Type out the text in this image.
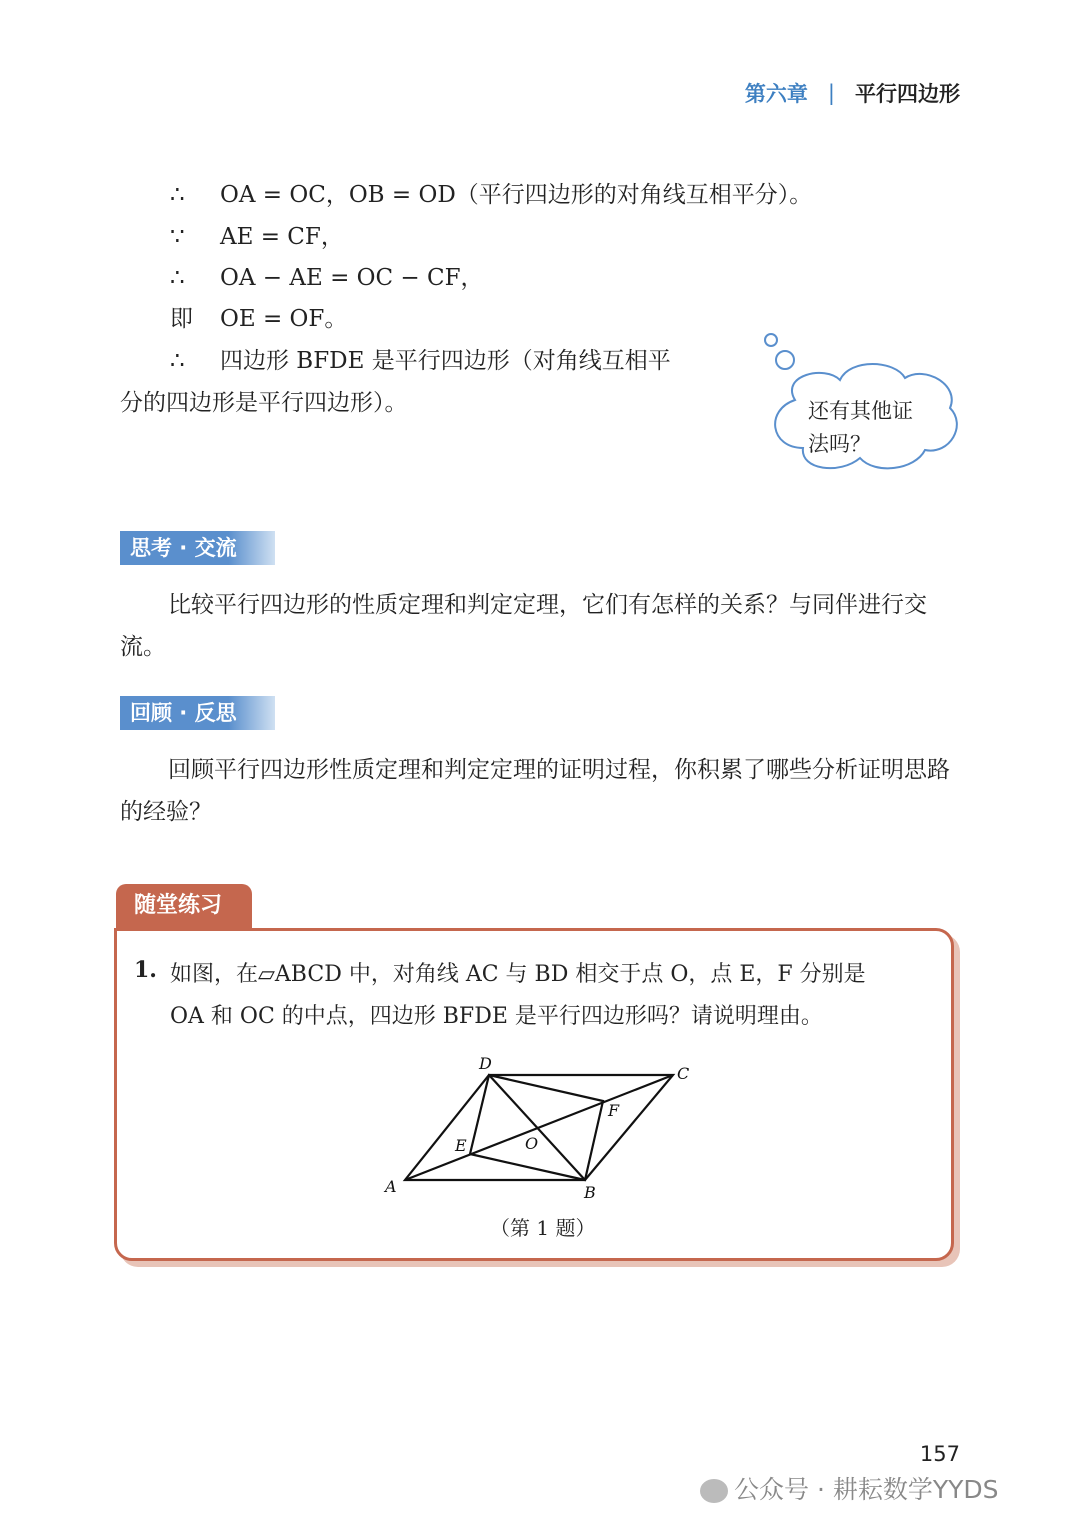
第六章 | 平行四边形
∴ OA = OC，OB = OD（平行四边形的对角线互相平分）。
∵ AE = CF，
∴ OA − AE = OC − CF，
即 OE = OF。
∴ 四边形 BFDE 是平行四边形（对角线互相平
分的四边形是平行四边形）。	还有其他证
法吗？
思考 · 交流
比较平行四边形的性质定理和判定定理，它们有怎样的关系？与同伴进行交流。
回顾 · 反思
回顾平行四边形性质定理和判定定理的证明过程，你积累了哪些分析证明思路的经验？
随堂练习
1. 如图，在▱ABCD 中，对角线 AC 与 BD 相交于点 O，点 E，F 分别是
OA 和 OC 的中点，四边形 BFDE 是平行四边形吗？请说明理由。
A	B
C
D
E
F
O
（第 1 题）
157
公众号 · 耕耘数学YYDS
